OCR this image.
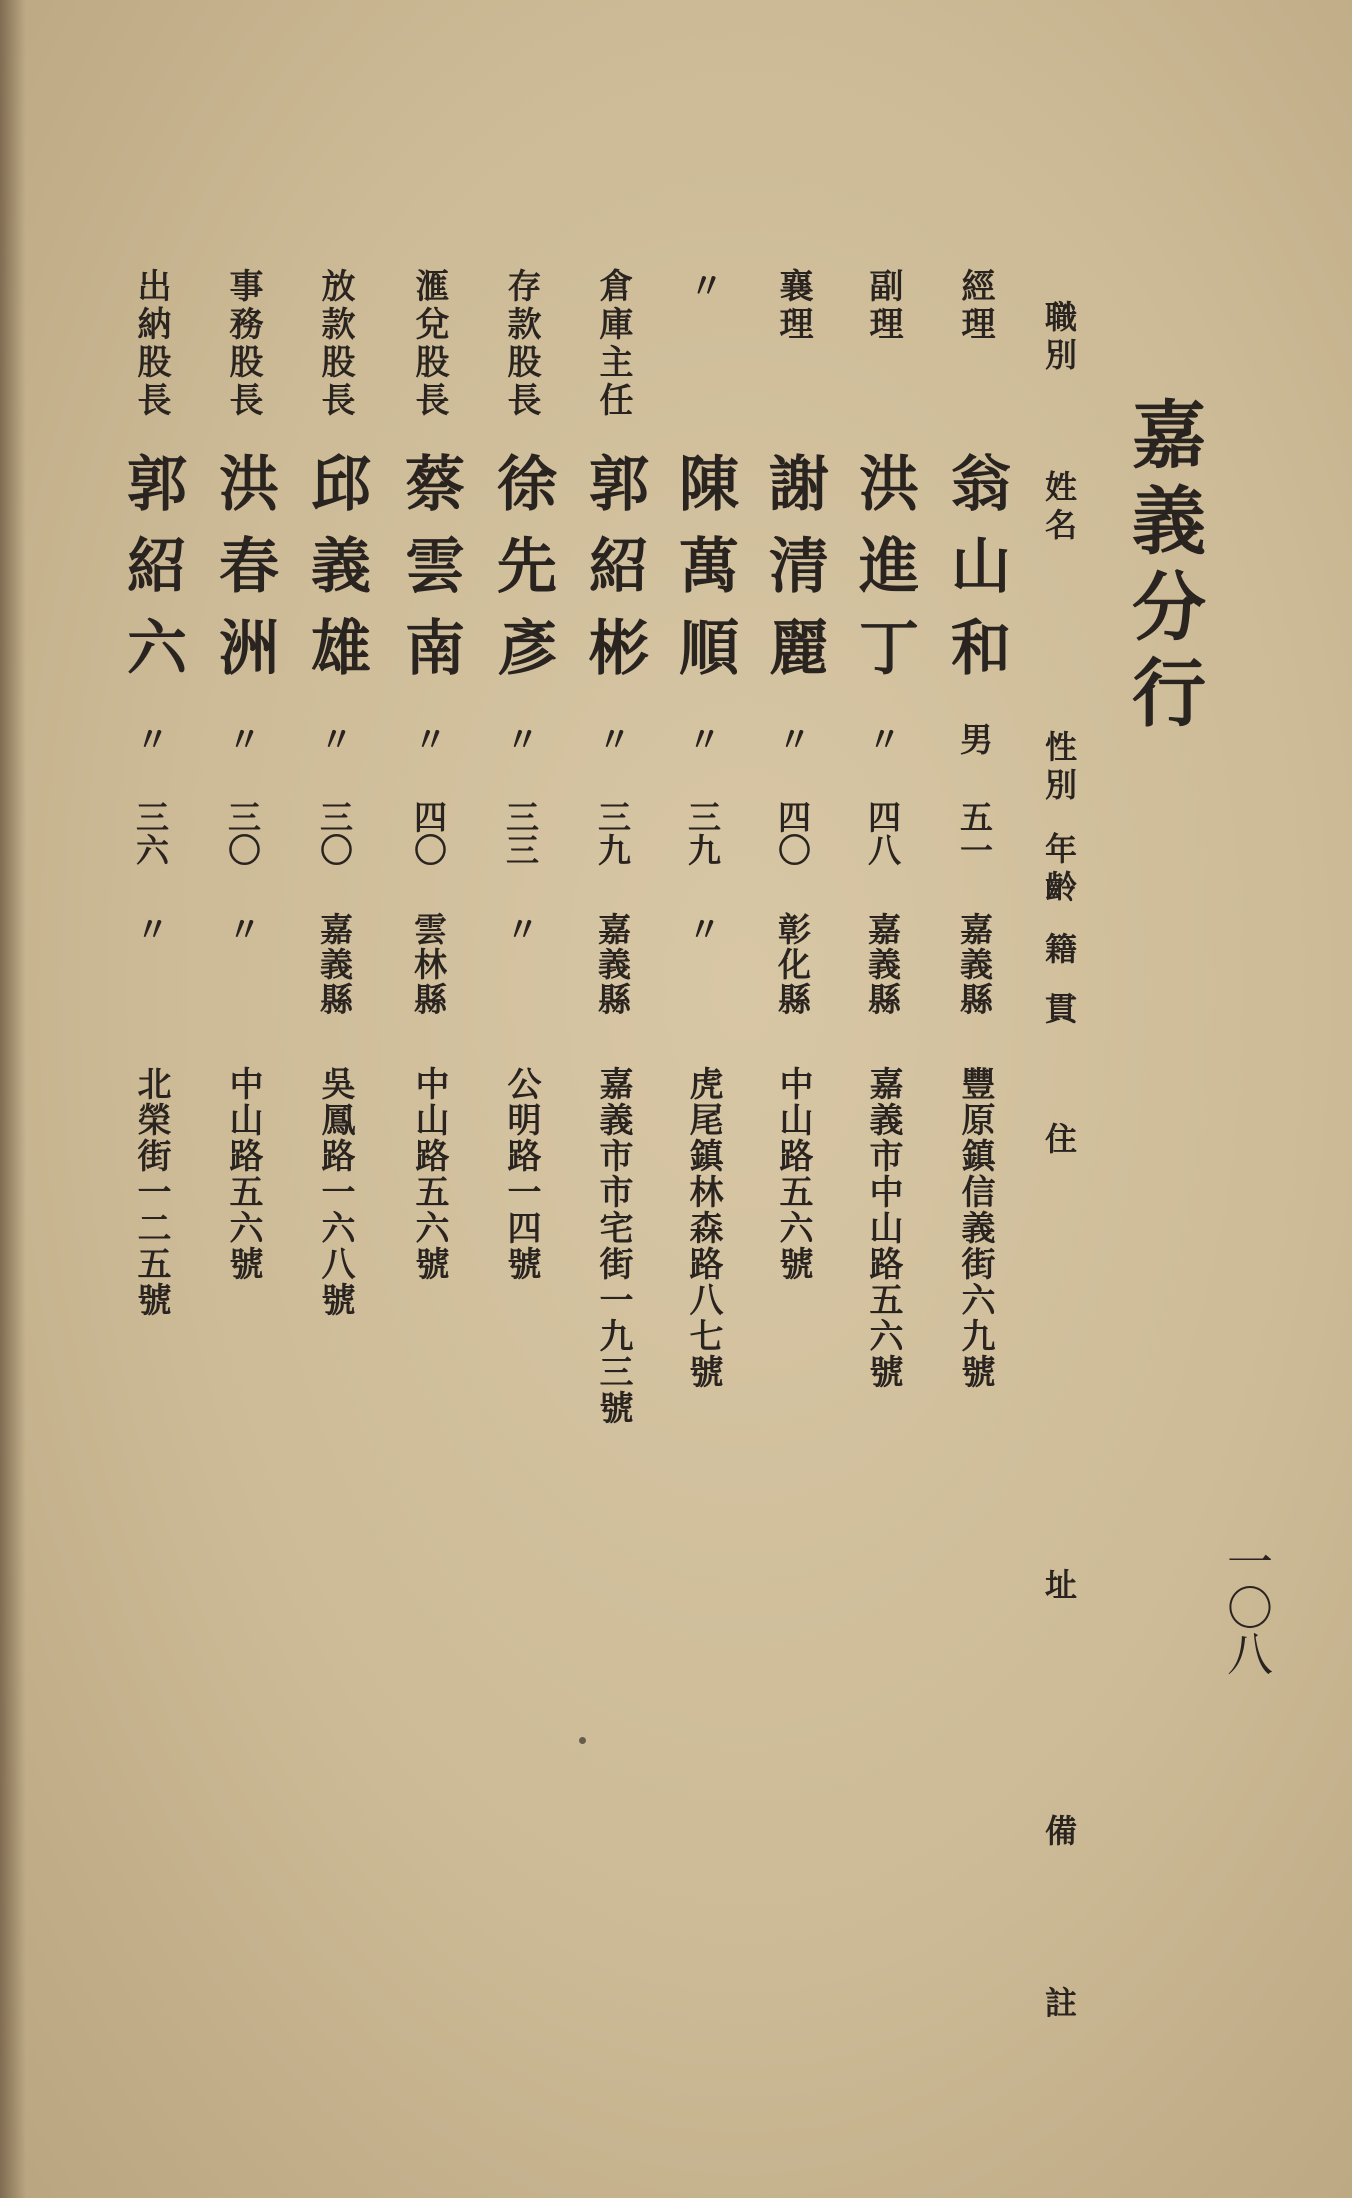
嘉義分行
一〇八
職別
姓名
性別
年齡
籍貫
住
址
備
註
經理
翁山和
男
五一
嘉義縣
豐原鎮信義街六九號
副理
洪進丁
〃
四八
嘉義縣
嘉義市中山路五六號
襄理
謝清麗
〃
四〇
彰化縣
中山路五六號
〃
陳萬順
〃
三九
〃
虎尾鎮林森路八七號
倉庫主任
郭紹彬
〃
三九
嘉義縣
嘉義市市宅街一九三號
存款股長
徐先彥
〃
三三
〃
公明路一四號
滙兌股長
蔡雲南
〃
四〇
雲林縣
中山路五六號
放款股長
邱義雄
〃
三〇
嘉義縣
吳鳳路一六八號
事務股長
洪春洲
〃
三〇
〃
中山路五六號
出納股長
郭紹六
〃
三六
〃
北榮街一二五號
